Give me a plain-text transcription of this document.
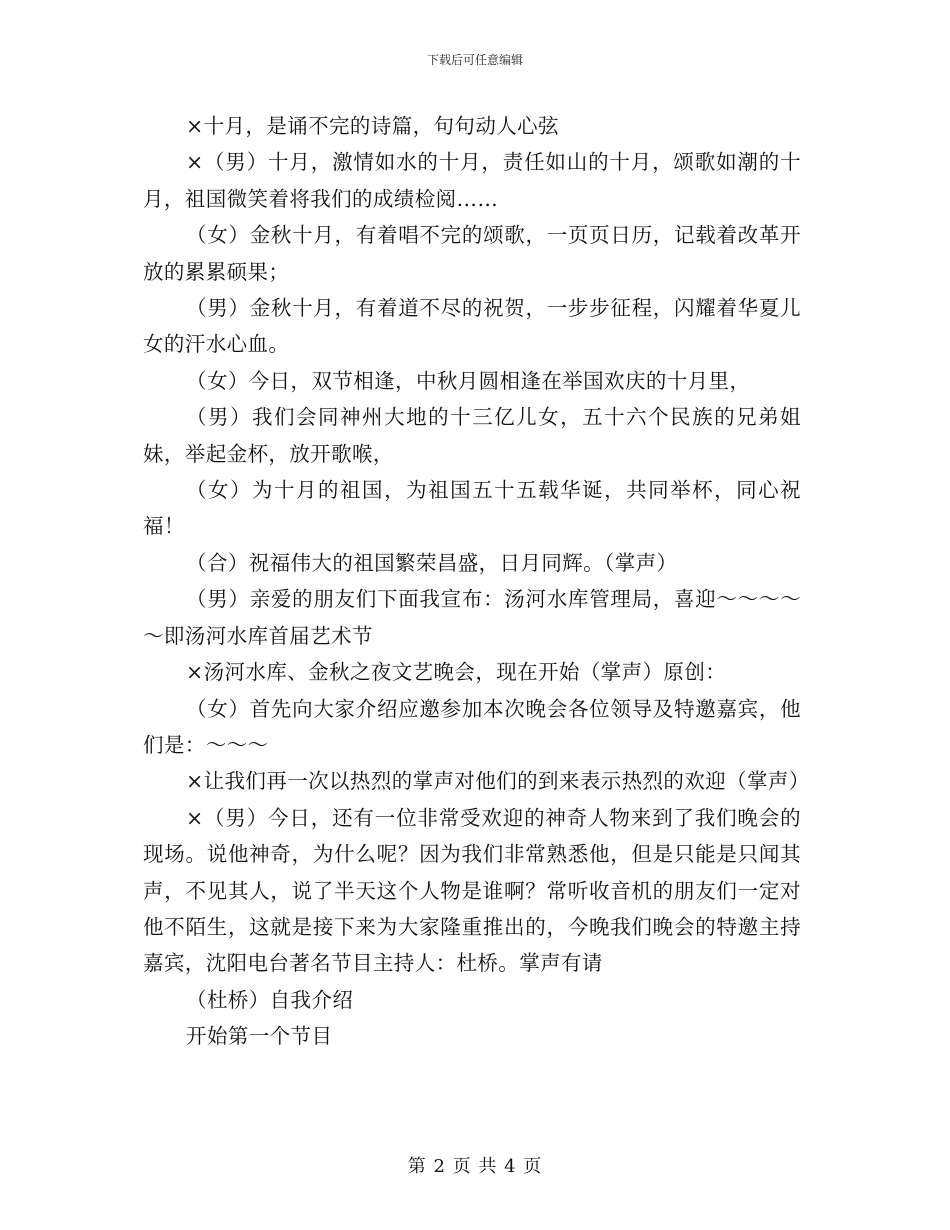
下载后可任意编辑

×十月，是诵不完的诗篇，句句动人心弦

×（男）十月，激情如水的十月，责任如山的十月，颂歌如潮的十月，祖国微笑着将我们的成绩检阅……

（女）金秋十月，有着唱不完的颂歌，一页页日历，记载着改革开放的累累硕果；

（男）金秋十月，有着道不尽的祝贺，一步步征程，闪耀着华夏儿女的汗水心血。

（女）今日，双节相逢，中秋月圆相逢在举国欢庆的十月里，

（男）我们会同神州大地的十三亿儿女，五十六个民族的兄弟姐妹，举起金杯，放开歌喉，

（女）为十月的祖国，为祖国五十五载华诞，共同举杯，同心祝福！

（合）祝福伟大的祖国繁荣昌盛，日月同辉。（掌声）

（男）亲爱的朋友们下面我宣布：汤河水库管理局，喜迎～～～～～即汤河水库首届艺术节

×汤河水库、金秋之夜文艺晚会，现在开始（掌声）原创：

（女）首先向大家介绍应邀参加本次晚会各位领导及特邀嘉宾，他们是：～～～

×让我们再一次以热烈的掌声对他们的到来表示热烈的欢迎（掌声）

×（男）今日，还有一位非常受欢迎的神奇人物来到了我们晚会的现场。说他神奇，为什么呢？因为我们非常熟悉他，但是只能是只闻其声，不见其人，说了半天这个人物是谁啊？常听收音机的朋友们一定对他不陌生，这就是接下来为大家隆重推出的，今晚我们晚会的特邀主持嘉宾，沈阳电台著名节目主持人：杜桥。掌声有请

（杜桥）自我介绍

开始第一个节目

第 2 页 共 4 页
